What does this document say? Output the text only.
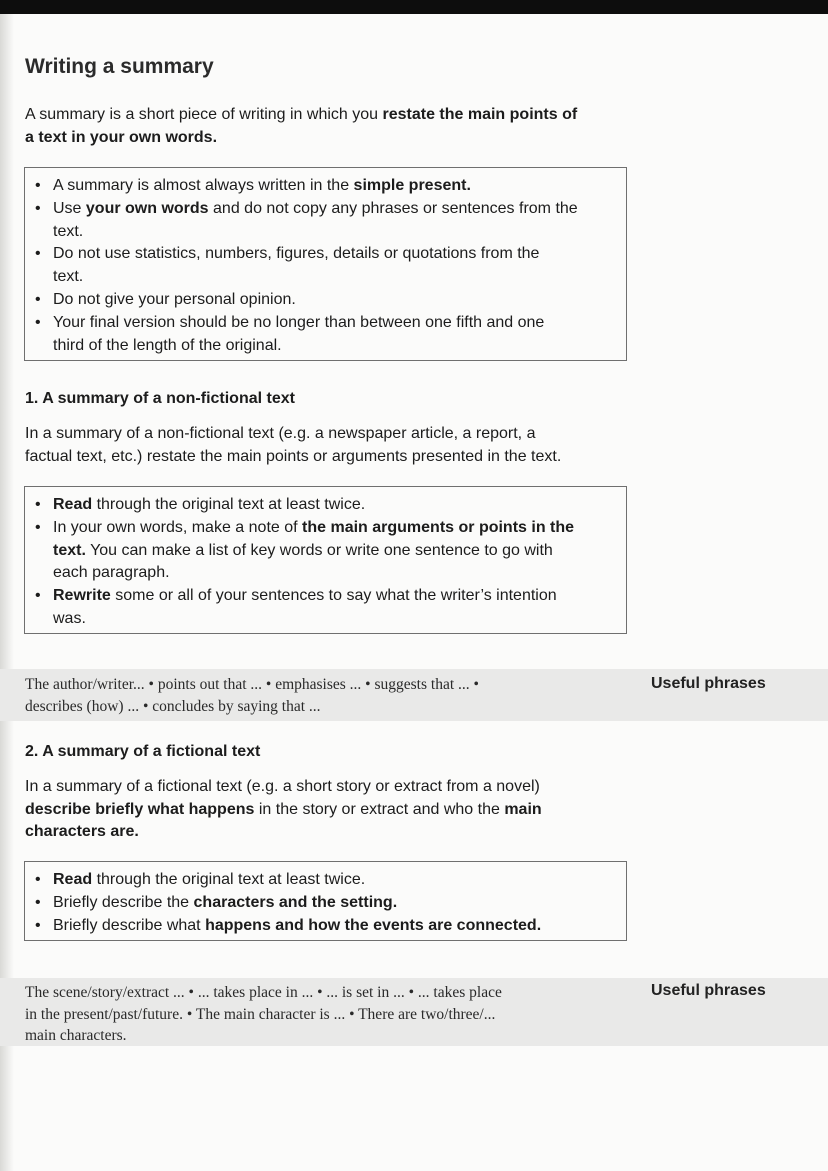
Writing a summary
A summary is a short piece of writing in which you restate the main points of
a text in your own words.
• A summary is almost always written in the simple present.
• Use your own words and do not copy any phrases or sentences from the
text.
• Do not use statistics, numbers, figures, details or quotations from the
text.
• Do not give your personal opinion.
• Your final version should be no longer than between one fifth and one
third of the length of the original.
1. A summary of a non-fictional text
In a summary of a non-fictional text (e.g. a newspaper article, a report, a
factual text, etc.) restate the main points or arguments presented in the text.
• Read through the original text at least twice.
• In your own words, make a note of the main arguments or points in the
text. You can make a list of key words or write one sentence to go with
each paragraph.
• Rewrite some or all of your sentences to say what the writer’s intention
was.
The author/writer... • points out that ... • emphasises ... • suggests that ... •
describes (how) ... • concludes by saying that ...
Useful phrases
2. A summary of a fictional text
In a summary of a fictional text (e.g. a short story or extract from a novel)
describe briefly what happens in the story or extract and who the main
characters are.
• Read through the original text at least twice.
• Briefly describe the characters and the setting.
• Briefly describe what happens and how the events are connected.
The scene/story/extract ... • ... takes place in ... • ... is set in ... • ... takes place
in the present/past/future. • The main character is ... • There are two/three/...
main characters.
Useful phrases
